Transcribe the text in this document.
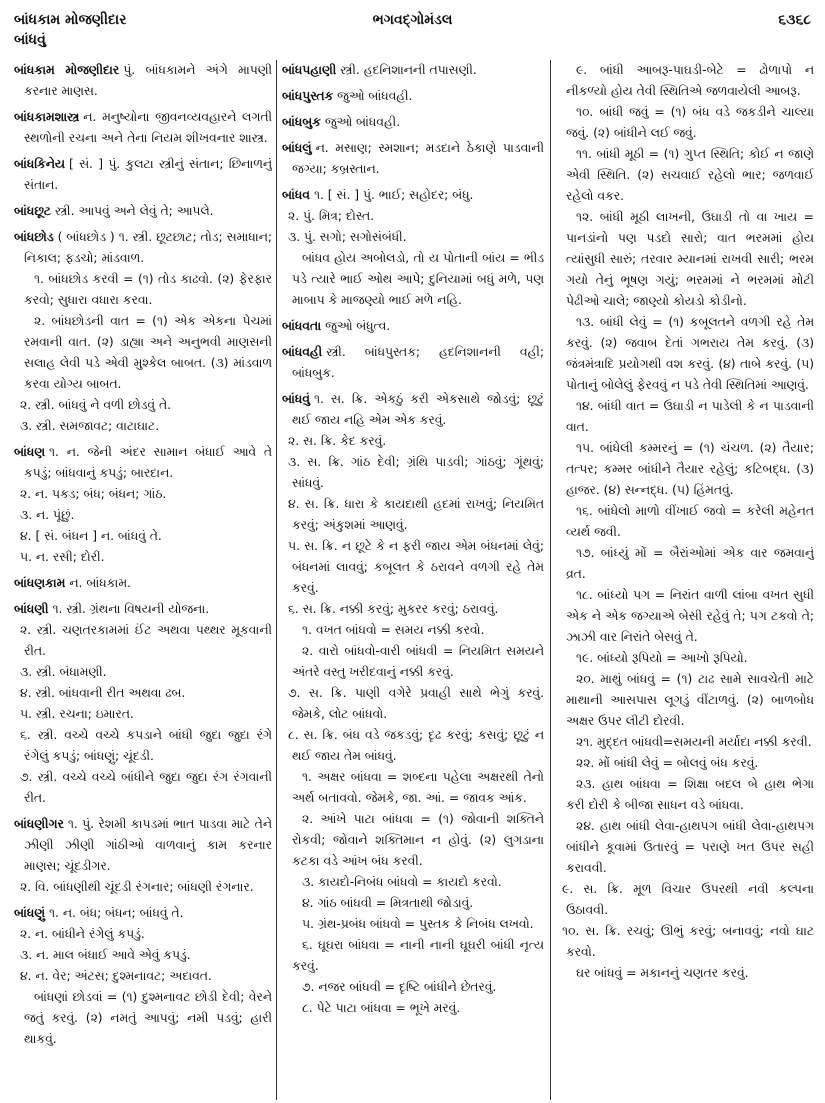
બાંધકામ મોજણીદાર
બાંધવું
ભગવદ્ગોમંડલ	૬૩૬૮

બાંધકામ મોજણીદાર પું. બાંધકામને અંગે માપણી કરનાર માણસ.

બાંધકામશાસ્ત્ર ન. મનુષ્યોના જીવનવ્યવહારને લગતી સ્થળોની રચના અને તેના નિયમ શીખવનાર શાસ્ત્ર.

બાંધકિનેય [ સં. ] પું. કુલટા સ્ત્રીનું સંતાન; છિનાળનું સંતાન.

બાંધછૂટ સ્ત્રી. આપવું અને લેવું તે; આપલે.

બાંધછોડ ( બાંધછોડ ) ૧. સ્ત્રી. છૂટછાટ; તોડ; સમાધાન; નિકાલ; ફડચો; માંડવાળ.

૧. બાંધછોડ કરવી = (૧) તોડ કાઢવો. (૨) ફેરફાર કરવો; સુધારા વધારા કરવા.

૨. બાંધછોડની વાત = (૧) એક એકના પેચમાં રમવાની વાત. (૨) ડાહ્યા અને અનુભવી માણસની સલાહ લેવી પડે એવી મુશ્કેલ બાબત. (૩) માંડવાળ કરવા યોગ્ય બાબત.

૨. સ્ત્રી. બાંધવું ને વળી છોડવું તે.

૩. સ્ત્રી. સમજાવટ; વાટાઘાટ.

બાંધણ ૧. ન. જેની અંદર સામાન બંધાઈ આવે તે કપડું; બાંધવાનું કપડું; બારદાન.

૨. ન. પકડ; બંધ; બંધન; ગાંઠ.

૩. ન. પૂંછું.

૪. [ સં. બંધન ] ન. બાંધવું તે.

૫. ન. રસી; દોરી.

બાંધણકામ ન. બાંધકામ.

બાંધણી ૧. સ્ત્રી. ગ્રંથના વિષયની યોજના.

૨. સ્ત્રી. ચણતરકામમાં ઈંટ અથવા પથ્થર મૂકવાની રીત.

૩. સ્ત્રી. બંધામણી.

૪. સ્ત્રી. બાંધવાની રીત અથવા ઢબ.

૫. સ્ત્રી. રચના; ઇમારત.

૬. સ્ત્રી. વચ્ચે વચ્ચે કપડાને બાંધી જુદા જુદા રંગે રંગેલું કપડું; બાંધણું; ચૂંદડી.

૭. સ્ત્રી. વચ્ચે વચ્ચે બાંધીને જુદા જુદા રંગ રંગવાની રીત.

બાંધણીગર ૧. પું. રેશમી કાપડમાં ભાત પાડવા માટે તેને ઝીણી ઝીણી ગાંઠીઓ વાળવાનું કામ કરનાર માણસ; ચૂંદડીગર.

૨. વિ. બાંધણીથી ચૂંદડી રંગનાર; બાંધણી રંગનાર.

બાંધણું ૧. ન. બંધ; બંધન; બાંધવું તે.

૨. ન. બાંધીને રંગેલું કપડું.

૩. ન. માલ બંધાઈ આવે એવું કપડું.

૪. ન. વેર; અંટસ; દુશ્મનાવટ; અદાવત.

બાંધણાં છોડવાં = (૧) દુશ્મનાવટ છોડી દેવી; વેરને જતું કરવું. (૨) નમતું આપવું; નમી પડવું; હારી થાકવું.

બાંધપહાણી સ્ત્રી. હદનિશાનની તપાસણી.

બાંધપુસ્તક જુઓ બાંધવહી.

બાંધબુક જુઓ બાંધવહી.

બાંધલું ન. મસાણ; સ્મશાન; મડદાને ઠેકાણે પાડવાની જગ્યા; કબ્રસ્તાન.

બાંધવ ૧. [ સં. ] પું. ભાઈ; સહોદર; બંધુ.

૨. પું. મિત્ર; દોસ્ત.

૩. પું. સગો; સગોસંબંધી.

બાંધવ હોય અબોલડો, તો ય પોતાની બાંય = ભીડ પડે ત્યારે ભાઈ ઓથ આપે; દુનિયામાં બધું મળે, પણ માબાપ કે માજણ્યો ભાઈ મળે નહિ.

બાંધવતા જુઓ બંધુત્વ.

બાંધવહી સ્ત્રી. બાંધપુસ્તક; હદનિશાનની વહી; બાંધબુક.

બાંધવું ૧. સ. ક્રિ. એકઠું કરી એકસાથે જોડવું; છૂટું થઈ જાય નહિ એમ એક કરવું.

૨. સ. ક્રિ. કેદ કરવું.

૩. સ. ક્રિ. ગાંઠ દેવી; ગ્રંથિ પાડવી; ગાંઠવું; ગૂંથવું; સાંધવું.

૪. સ. ક્રિ. ધારા કે કાયદાથી હદમાં રાખવું; નિયમિત કરવું; અંકુશમાં આણવું.

૫. સ. ક્રિ. ન છૂટે કે ન ફરી જાય એમ બંધનમાં લેવું; બંધનમાં લાવવું; કબૂલત કે ઠરાવને વળગી રહે તેમ કરવું.

૬. સ. ક્રિ. નક્કી કરવું; મુકરર કરવું; ઠરાવવું.

૧. વખત બાંધવો = સમય નક્કી કરવો.

૨. વારો બાંધવો-વારી બાંધવી = નિયમિત સમયને અંતરે વસ્તુ ખરીદવાનું નક્કી કરવું.

૭. સ. ક્રિ. પાણી વગેરે પ્રવાહી સાથે ભેગું કરવું. જેમકે, લોટ બાંધવો.

૮. સ. ક્રિ. બંધ વડે જકડવું; દૃઢ કરવું; કસવું; છૂટું ન થઈ જાય તેમ બાંધવું.

૧. અક્ષર બાંધવા = શબ્દના પહેલા અક્ષરથી તેનો અર્થ બતાવવો. જેમકે, જા. આં. = જાવક આંક.

૨. આંખે પાટા બાંધવા = (૧) જોવાની શક્તિને રોકવી; જોવાને શક્તિમાન ન હોવું. (૨) લુગડાના કટકા વડે આંખ બંધ કરવી.

૩. કાયદો-નિબંધ બાંધવો = કાયદો કરવો.

૪. ગાંઠ બાંધવી = મિત્રતાથી જોડાવું.

૫. ગ્રંથ-પ્રબંધ બાંધવો = પુસ્તક કે નિબંધ લખવો.

૬. ઘૂઘરા બાંધવા = નાની નાની ઘૂઘરી બાંધી નૃત્ય કરવું.

૭. નજર બાંધવી = દૃષ્ટિ બાંધીને છેતરવું.

૮. પેટે પાટા બાંધવા = ભૂખે મરવું.

૯. બાંધી આબરૂ-પાઘડી-બેટે = ઢોળાપો ન નીકળ્યો હોય તેવી સ્થિતિએ જળવાયેલી આબરૂ.

૧૦. બાંધી જવું = (૧) બંધ વડે જકડીને ચાલ્યા જવું. (૨) બાંધીને લઈ જવું.

૧૧. બાંધી મૂઠી = (૧) ગુપ્ત સ્થિતિ; કોઈ ન જાણે એવી સ્થિતિ. (૨) સચવાઈ રહેલો ભાર; જળવાઈ રહેલો વકર.

૧૨. બાંધી મૂઠી લાખની, ઉઘાડી તો વા ખાય = પાનડાંનો પણ પડદો સારો; વાત ભરમમાં હોય ત્યાંસુધી સારું; તરવાર મ્યાનમાં રાખવી સારી; ભરમ ગયો તેનું ભૂષણ ગયું; ભરમમાં ને ભરમમાં મોટી પેઢીઓ ચાલે; જાણ્યો કોયડો કોડીનો.

૧૩. બાંધી લેવું = (૧) કબૂલતને વળગી રહે તેમ કરવું. (૨) જવાબ દેતાં ગભરાય તેમ કરવું. (૩) જંત્રમંત્રાદિ પ્રયોગથી વશ કરવું. (૪) તાબે કરવું. (૫) પોતાનું બોલેલું ફેરવવું ન પડે તેવી સ્થિતિમાં આણવું.

૧૪. બાંધી વાત = ઉઘાડી ન પાડેલી કે ન પાડવાની વાત.

૧૫. બાંધેલી કમ્મરનું = (૧) ચંચળ. (૨) તૈયાર; તત્પર; કમ્મર બાંધીને તૈયાર રહેલું; કટિબદ્ધ. (૩) હાજર. (૪) સન્નદ્ધ. (૫) હિંમતવું.

૧૬. બાંધેલો માળો વીંખાઈ જવો = કરેલી મહેનત વ્યર્થ જવી.

૧૭. બાંધ્યું મોં = બૈરાંઓમાં એક વાર જમવાનું વ્રત.

૧૮. બાંધ્યો પગ = નિરાંત વાળી લાંબા વખત સુધી એક ને એક જગ્યાએ બેસી રહેવું તે; પગ ટકવો તે; ઝાઝી વાર નિરાંતે બેસવું તે.

૧૯. બાંધ્યો રૂપિયો = આખો રૂપિયો.

૨૦. માથું બાંધવું = (૧) ટાઢ સામે સાવચેતી માટે માથાની આસપાસ લૂગડું વીંટાળવું. (૨) બાળબોધ અક્ષર ઉપર લીટી દોરવી.

૨૧. મુદ્દત બાંધવી=સમયની મર્યાદા નક્કી કરવી.

૨૨. મોં બાંધી લેવું = બોલવું બંધ કરવું.

૨૩. હાથ બાંધવા = શિક્ષા બદલ બે હાથ ભેગા કરી દોરી કે બીજા સાધન વડે બાંધવા.

૨૪. હાથ બાંધી લેવા-હાથપગ બાંધી લેવા-હાથપગ બાંધીને કૂવામાં ઉતારવું = પરાણે ખત ઉપર સહી કરાવવી.

૯. સ. ક્રિ. મૂળ વિચાર ઉપરથી નવી કલ્પના ઉઠાવવી.

૧૦. સ. ક્રિ. રચવું; ઊભું કરવું; બનાવવું; નવો ઘાટ કરવો.

ઘર બાંધવું = મકાનનું ચણતર કરવું.
